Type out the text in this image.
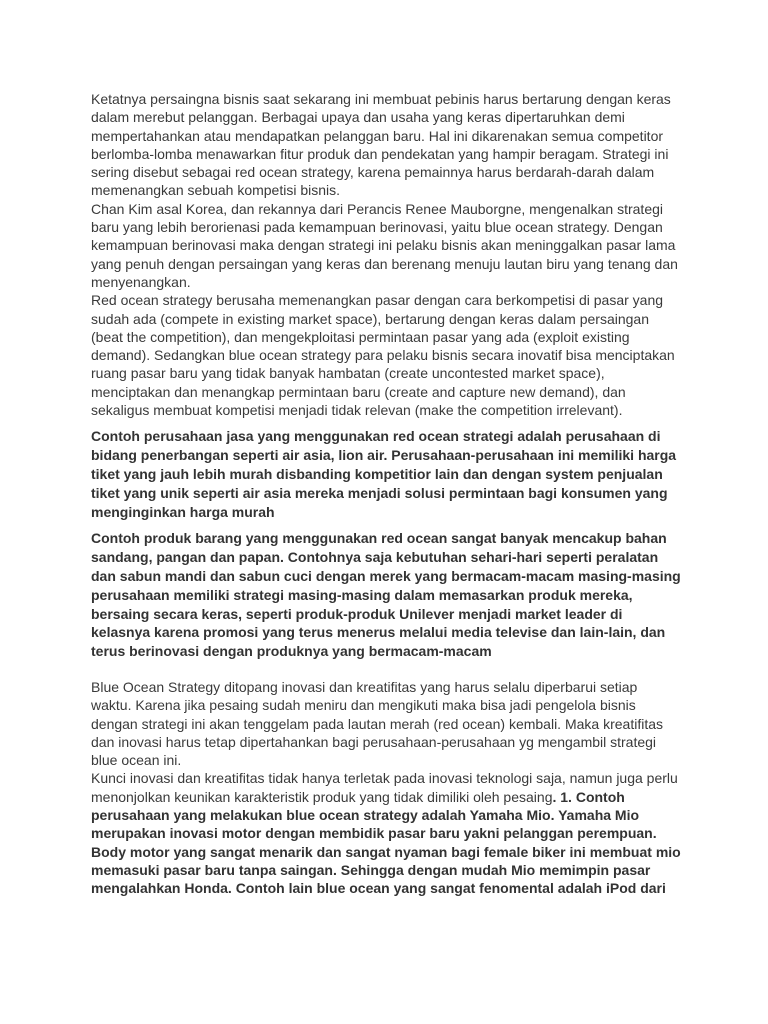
Ketatnya persaingna bisnis saat sekarang ini membuat pebinis harus bertarung dengan keras dalam merebut pelanggan. Berbagai upaya dan usaha yang keras dipertaruhkan demi mempertahankan atau mendapatkan pelanggan baru. Hal ini dikarenakan semua competitor berlomba-lomba menawarkan fitur produk dan pendekatan yang hampir beragam. Strategi ini sering disebut sebagai red ocean strategy, karena pemainnya harus berdarah-darah dalam memenangkan sebuah kompetisi bisnis.

Chan Kim asal Korea, dan rekannya dari Perancis Renee Mauborgne, mengenalkan strategi baru yang lebih berorienasi pada kemampuan berinovasi, yaitu blue ocean strategy. Dengan kemampuan berinovasi maka dengan strategi ini pelaku bisnis akan meninggalkan pasar lama yang penuh dengan persaingan yang keras dan berenang menuju lautan biru yang tenang dan menyenangkan.

Red ocean strategy berusaha memenangkan pasar dengan cara berkompetisi di pasar yang sudah ada (compete in existing market space), bertarung dengan keras dalam persaingan (beat the competition), dan mengekploitasi permintaan pasar yang ada (exploit existing demand). Sedangkan blue ocean strategy para pelaku bisnis secara inovatif bisa menciptakan ruang pasar baru yang tidak banyak hambatan (create uncontested market space), menciptakan dan menangkap permintaan baru (create and capture new demand), dan sekaligus membuat kompetisi menjadi tidak relevan (make the competition irrelevant).

Contoh perusahaan jasa yang menggunakan red ocean strategi adalah perusahaan di bidang penerbangan seperti air asia, lion air. Perusahaan-perusahaan ini memiliki harga tiket yang jauh lebih murah disbanding kompetitior lain dan dengan system penjualan tiket yang unik seperti air asia mereka menjadi solusi permintaan bagi konsumen yang menginginkan harga murah

Contoh produk barang yang menggunakan red ocean sangat banyak mencakup bahan sandang, pangan dan papan. Contohnya saja kebutuhan sehari-hari seperti peralatan dan sabun mandi dan sabun cuci dengan merek yang bermacam-macam masing-masing perusahaan memiliki strategi masing-masing dalam memasarkan produk mereka, bersaing secara keras, seperti produk-produk Unilever menjadi market leader di kelasnya karena promosi yang terus menerus melalui media televise dan lain-lain, dan terus berinovasi dengan produknya yang bermacam-macam

Blue Ocean Strategy ditopang inovasi dan kreatifitas yang harus selalu diperbarui setiap waktu. Karena jika pesaing sudah meniru dan mengikuti maka bisa jadi pengelola bisnis dengan strategi ini akan tenggelam pada lautan merah (red ocean) kembali. Maka kreatifitas dan inovasi harus tetap dipertahankan bagi perusahaan-perusahaan yg mengambil strategi blue ocean ini.

Kunci inovasi dan kreatifitas tidak hanya terletak pada inovasi teknologi saja, namun juga perlu menonjolkan keunikan karakteristik produk yang tidak dimiliki oleh pesaing. 1. Contoh perusahaan yang melakukan blue ocean strategy adalah Yamaha Mio. Yamaha Mio merupakan inovasi motor dengan membidik pasar baru yakni pelanggan perempuan. Body motor yang sangat menarik dan sangat nyaman bagi female biker ini membuat mio memasuki pasar baru tanpa saingan. Sehingga dengan mudah Mio memimpin pasar mengalahkan Honda. Contoh lain blue ocean yang sangat fenomental adalah iPod dari
